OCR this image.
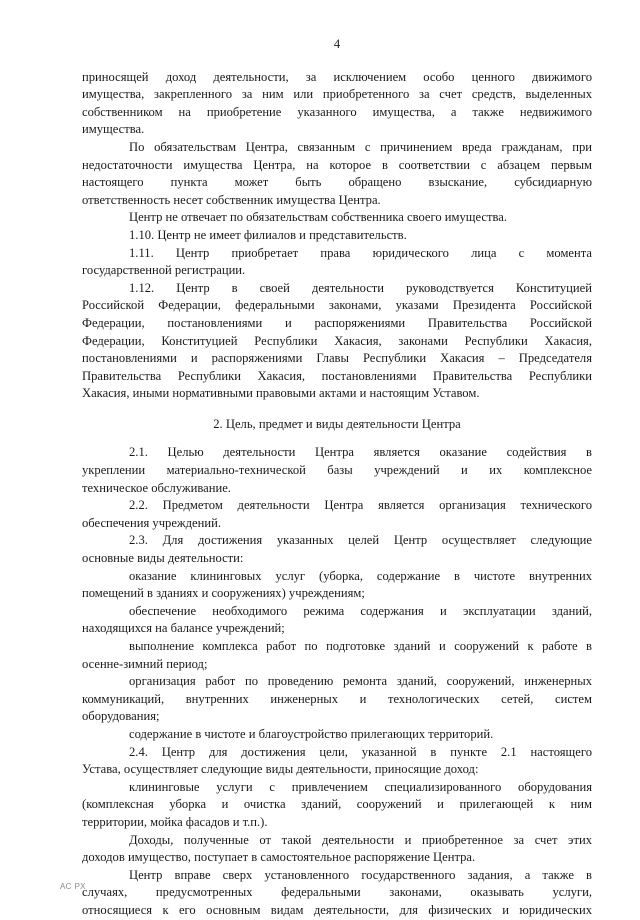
4
приносящей доход деятельности, за исключением особо ценного движимого
имущества, закрепленного за ним или приобретенного за счет средств, выделенных
собственником на приобретение указанного имущества, а также недвижимого
имущества.
По обязательствам Центра, связанным с причинением вреда гражданам, при
недостаточности имущества Центра, на которое в соответствии с абзацем первым
настоящего пункта может быть обращено взыскание, субсидиарную
ответственность несет собственник имущества Центра.
Центр не отвечает по обязательствам собственника своего имущества.
1.10. Центр не имеет филиалов и представительств.
1.11. Центр приобретает права юридического лица с момента
государственной регистрации.
1.12. Центр в своей деятельности руководствуется Конституцией
Российской Федерации, федеральными законами, указами Президента Российской
Федерации, постановлениями и распоряжениями Правительства Российской
Федерации, Конституцией Республики Хакасия, законами Республики Хакасия,
постановлениями и распоряжениями Главы Республики Хакасия – Председателя
Правительства Республики Хакасия, постановлениями Правительства Республики
Хакасия, иными нормативными правовыми актами и настоящим Уставом.
2. Цель, предмет и виды деятельности Центра
2.1. Целью деятельности Центра является оказание содействия в
укреплении материально-технической базы учреждений и их комплексное
техническое обслуживание.
2.2. Предметом деятельности Центра является организация технического
обеспечения учреждений.
2.3. Для достижения указанных целей Центр осуществляет следующие
основные виды деятельности:
оказание клининговых услуг (уборка, содержание в чистоте внутренних
помещений в зданиях и сооружениях) учреждениям;
обеспечение необходимого режима содержания и эксплуатации зданий,
находящихся на балансе учреждений;
выполнение комплекса работ по подготовке зданий и сооружений к работе в
осенне-зимний период;
организация работ по проведению ремонта зданий, сооружений, инженерных
коммуникаций, внутренних инженерных и технологических сетей, систем
оборудования;
содержание в чистоте и благоустройство прилегающих территорий.
2.4. Центр для достижения цели, указанной в пункте 2.1 настоящего
Устава, осуществляет следующие виды деятельности, приносящие доход:
клининговые услуги с привлечением специализированного оборудования
(комплексная уборка и очистка зданий, сооружений и прилегающей к ним
территории, мойка фасадов и т.п.).
Доходы, полученные от такой деятельности и приобретенное за счет этих
доходов имущество, поступает в самостоятельное распоряжение Центра.
Центр вправе сверх установленного государственного задания, а также в
случаях, предусмотренных федеральными законами, оказывать услуги,
относящиеся к его основным видам деятельности, для физических и юридических
АС РХ
